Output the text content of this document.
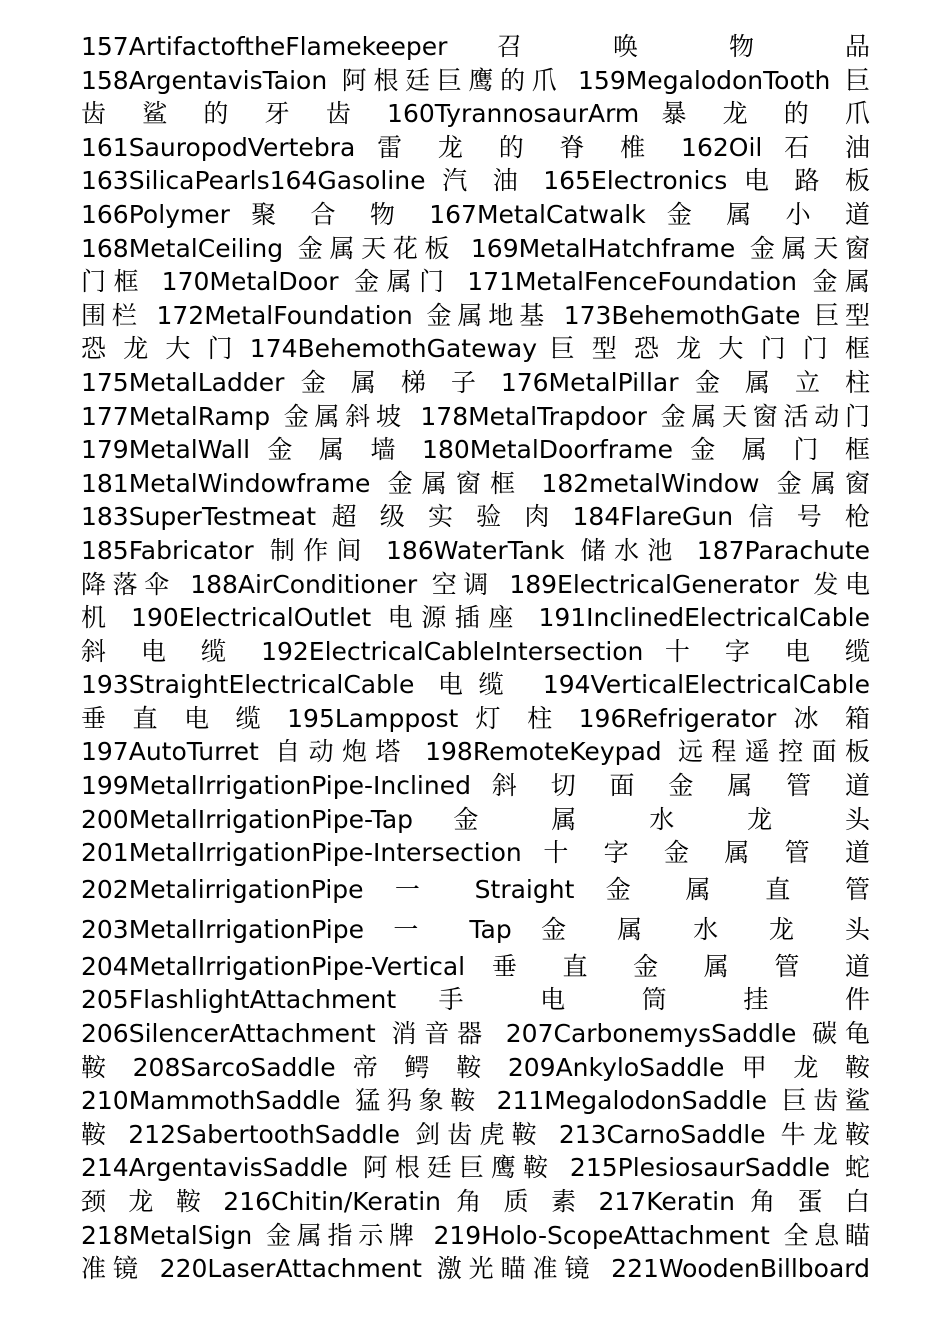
157ArtifactoftheFlamekeeper 召 唤 物 品
158ArgentavisTaion 阿根廷巨鹰的爪 159MegalodonTooth 巨
齿 鲨 的 牙 齿 160TyrannosaurArm 暴 龙 的 爪
161SauropodVertebra 雷 龙 的 脊 椎 162Oil 石 油
163SilicaPearls164Gasoline 汽 油 165Electronics 电 路 板
166Polymer 聚 合 物 167MetalCatwalk 金 属 小 道
168MetalCeiling 金属天花板 169MetalHatchframe 金属天窗
门框 170MetalDoor 金属门 171MetalFenceFoundation 金属
围栏 172MetalFoundation 金属地基 173BehemothGate 巨型
恐 龙 大 门 174BehemothGateway 巨 型 恐 龙 大 门 门 框
175MetalLadder 金 属 梯 子 176MetalPillar 金 属 立 柱
177MetalRamp 金属斜坡 178MetalTrapdoor 金属天窗活动门
179MetalWall 金 属 墙 180MetalDoorframe 金 属 门 框
181MetalWindowframe 金属窗框 182metalWindow 金属窗
183SuperTestmeat 超 级 实 验 肉 184FlareGun 信 号 枪
185Fabricator 制作间 186WaterTank 储水池 187Parachute
降落伞 188AirConditioner 空调 189ElectricalGenerator 发电
机 190ElectricalOutlet 电源插座 191InclinedElectricalCable
斜 电 缆 192ElectricalCableIntersection 十 字 电 缆
193StraightElectricalCable 电缆 194VerticalElectricalCable
垂 直 电 缆 195Lamppost 灯 柱 196Refrigerator 冰 箱
197AutoTurret 自动炮塔 198RemoteKeypad 远程遥控面板
199MetalIrrigationPipe-Inclined 斜 切 面 金 属 管 道
200MetalIrrigationPipe-Tap 金 属 水 龙 头
201MetalIrrigationPipe-Intersection 十 字 金 属 管 道
202MetalirrigationPipe 一 Straight 金 属 直 管
203MetalIrrigationPipe 一 Tap 金 属 水 龙 头
204MetalIrrigationPipe-Vertical 垂 直 金 属 管 道
205FlashlightAttachment 手 电 筒 挂 件
206SilencerAttachment 消音器 207CarbonemysSaddle 碳龟
鞍 208SarcoSaddle 帝 鳄 鞍 209AnkyloSaddle 甲 龙 鞍
210MammothSaddle 猛犸象鞍 211MegalodonSaddle 巨齿鲨
鞍 212SabertoothSaddle 剑齿虎鞍 213CarnoSaddle 牛龙鞍
214ArgentavisSaddle 阿根廷巨鹰鞍 215PlesiosaurSaddle 蛇
颈 龙 鞍 216Chitin/Keratin 角 质 素 217Keratin 角 蛋 白
218MetalSign 金属指示牌 219Holo-ScopeAttachment 全息瞄
准镜 220LaserAttachment 激光瞄准镜 221WoodenBillboard
